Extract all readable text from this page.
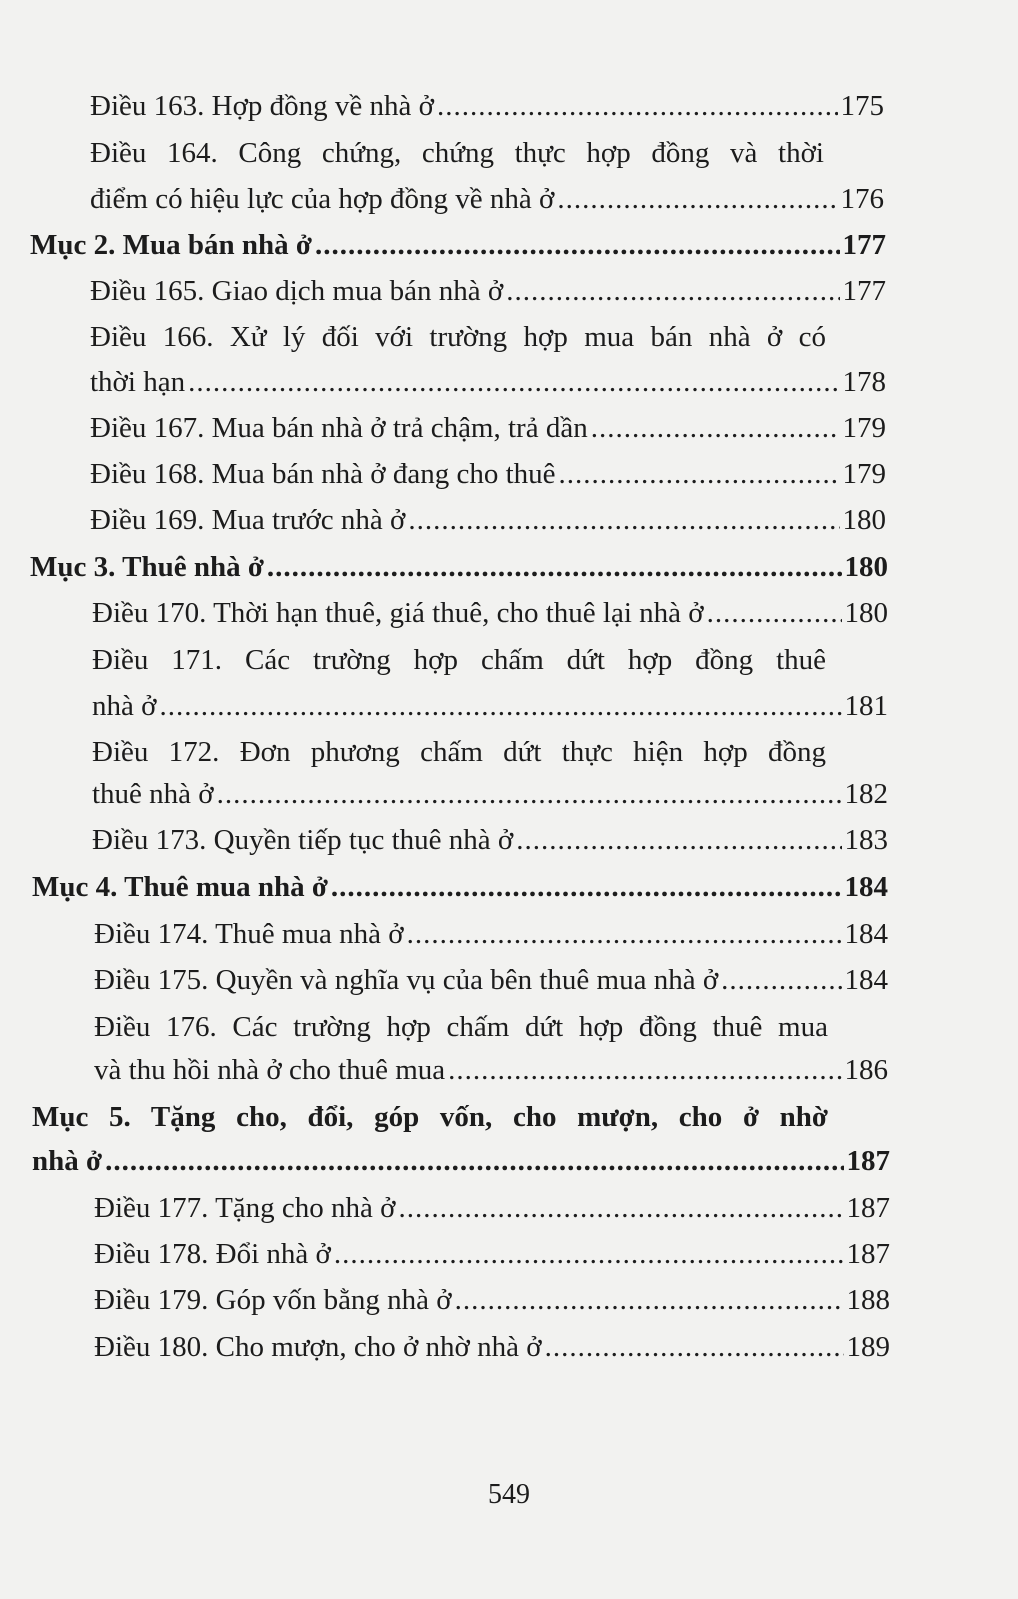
Điều 163. Hợp đồng về nhà ở .....	175
Điều 164. Công chứng, chứng thực hợp đồng và thời
điểm có hiệu lực của hợp đồng về nhà ở .....	176
Mục 2. Mua bán nhà ở .....	177
Điều 165. Giao dịch mua bán nhà ở .....	177
Điều 166. Xử lý đối với trường hợp mua bán nhà ở có
thời hạn .....	178
Điều 167. Mua bán nhà ở trả chậm, trả dần .....	179
Điều 168. Mua bán nhà ở đang cho thuê .....	179
Điều 169. Mua trước nhà ở .....	180
Mục 3. Thuê nhà ở .....	180
Điều 170. Thời hạn thuê, giá thuê, cho thuê lại nhà ở .....	180
Điều 171. Các trường hợp chấm dứt hợp đồng thuê
nhà ở .....	181
Điều 172. Đơn phương chấm dứt thực hiện hợp đồng
thuê nhà ở .....	182
Điều 173. Quyền tiếp tục thuê nhà ở .....	183
Mục 4. Thuê mua nhà ở .....	184
Điều 174. Thuê mua nhà ở .....	184
Điều 175. Quyền và nghĩa vụ của bên thuê mua nhà ở .....	184
Điều 176. Các trường hợp chấm dứt hợp đồng thuê mua
và thu hồi nhà ở cho thuê mua .....	186
Mục 5. Tặng cho, đổi, góp vốn, cho mượn, cho ở nhờ
nhà ở .....	187
Điều 177. Tặng cho nhà ở .....	187
Điều 178. Đổi nhà ở .....	187
Điều 179. Góp vốn bằng nhà ở .....	188
Điều 180. Cho mượn, cho ở nhờ nhà ở .....	189
549
